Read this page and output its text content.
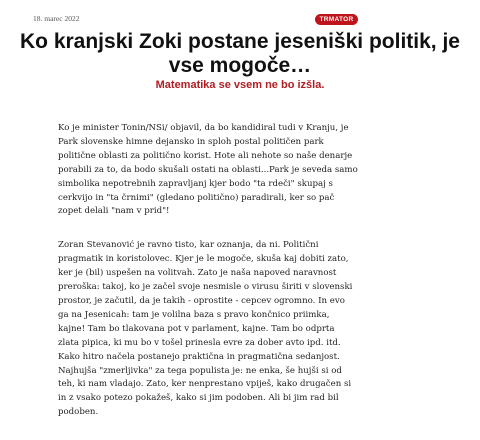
18. marec 2022	TRMATOR
Ko kranjski Zoki postane jeseniški politik, je vse mogoče…
Matematika se vsem ne bo izšla.

Ko je minister Tonin/NSi/ objavil, da bo kandidiral tudi v Kranju, je Park slovenske himne dejansko in sploh postal političen park politične oblasti za politično korist. Hote ali nehote so naše denarje porabili za to, da bodo skušali ostati na oblasti...Park je seveda samo simbolika nepotrebnih zapravljanj kjer bodo "ta rdeči" skupaj s cerkvijo in "ta črnimi" (gledano politično) paradirali, ker so pač zopet delali "nam v prid"!

Zoran Stevanović je ravno tisto, kar oznanja, da ni. Politični pragmatik in koristolovec. Kjer je le mogoče, skuša kaj dobiti zato, ker je (bil) uspešen na volitvah. Zato je naša napoved naravnost preroška: takoj, ko je začel svoje nesmisle o virusu širiti v slovenski prostor, je začutil, da je takih - oprostite - cepcev ogromno. In evo ga na Jesenicah: tam je volilna baza s pravo končnico priimka, kajne! Tam bo tlakovana pot v parlament, kajne. Tam bo odprta zlata pipica, ki mu bo v tošel prinesla evre za dober avto ipd. itd. Kako hitro načela postanejo praktična in pragmatična sedanjost. Najhujša "zmerljivka" za tega populista je: ne enka, še hujši si od teh, ki nam vladajo. Zato, ker nenprestano vpiješ, kako drugačen si in z vsako potezo pokažeš, kako si jim podoben. Ali bi jim rad bil podoben.
